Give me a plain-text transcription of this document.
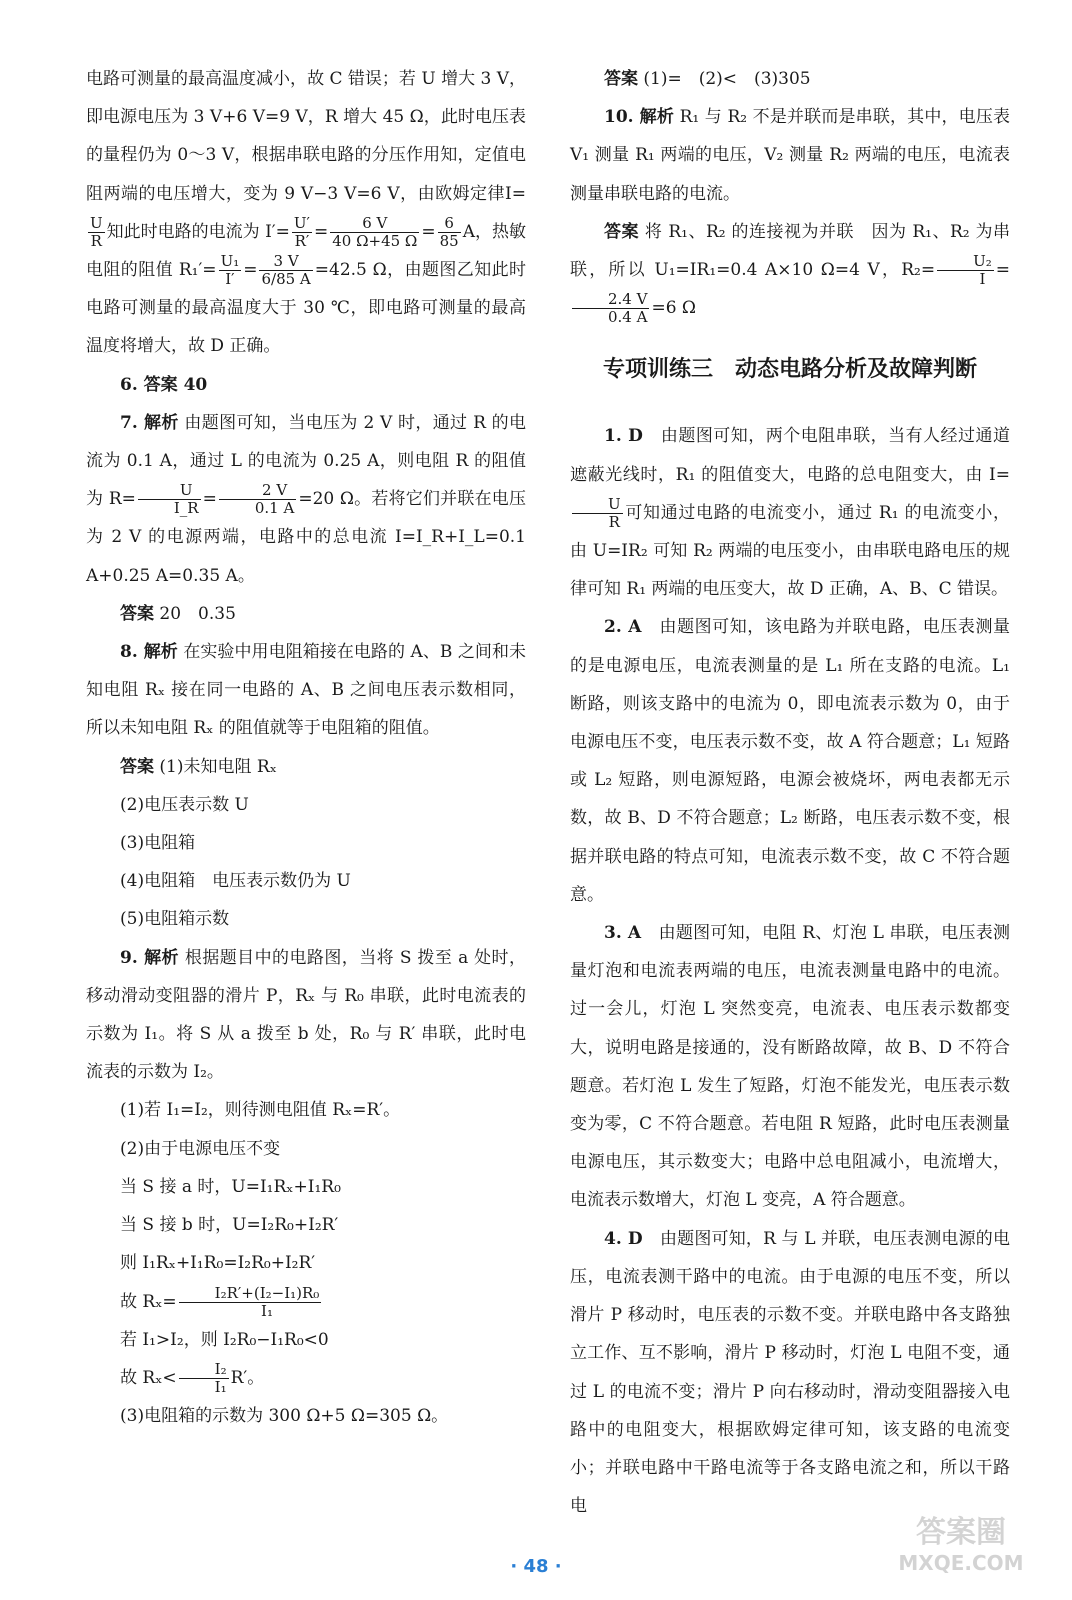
电路可测量的最高温度减小，故 C 错误；若 U 增大 3 V，即电源电压为 3 V+6 V=9 V，R 增大 45 Ω，此时电压表的量程仍为 0～3 V，根据串联电路的分压作用知，定值电阻两端的电压增大，变为 9 V−3 V=6 V，由欧姆定律I=
$\frac{U}{R}$ 知此时电路的电流为 $I'= \frac{U'}{R'} = \frac{6 V}{40 \Omega+45 \Omega} = \frac{6}{85}$ A，热敏电阻的阻值 $R_1'= \frac{\text{U₁}}{I'} = \frac{3 V}{6/85 A} =42.5$ Ω，由题图乙知此时电路可测量的最高温度大于 30 ℃，即电路可测量的最高温度将增大，故 D 正确。

6. 答案 40

7. 解析 由题图可知，当电压为 2 V 时，通过 R 的电流为 0.1 A，通过 L 的电流为 0.25 A，则电阻 R 的阻值为 $R= \frac{U}{I\_R} = \frac{2 V}{0.1 A} =20$ Ω。若将它们并联在电压为 2 V 的电源两端，电路中的总电流 I=I_R+I_L=0.1 A+0.25 A=0.35 A。

答案 20　0.35

8. 解析 在实验中用电阻箱接在电路的 A、B 之间和未知电阻 Rₓ 接在同一电路的 A、B 之间电压表示数相同，所以未知电阻 Rₓ 的阻值就等于电阻箱的阻值。

答案 (1)未知电阻 Rₓ

(2)电压表示数 U

(3)电阻箱

(4)电阻箱　电压表示数仍为 U

(5)电阻箱示数

9. 解析 根据题目中的电路图，当将 S 拨至 a 处时，移动滑动变阻器的滑片 P，Rₓ 与 R₀ 串联，此时电流表的示数为 I₁。将 S 从 a 拨至 b 处，R₀ 与 R′ 串联，此时电流表的示数为 I₂。

(1)若 I₁=I₂，则待测电阻值 Rₓ=R′。

(2)由于电源电压不变

当 S 接 a 时，U=I₁Rₓ+I₁R₀

当 S 接 b 时，U=I₂R₀+I₂R′

则 I₁Rₓ+I₁R₀=I₂R₀+I₂R′

故 $R_x= \frac{\text{I₂R′+(I₂−I₁)R₀}}{\text{I₁}}$

若 I₁>I₂，则 I₂R₀−I₁R₀<0

故 $R_x< \frac{\text{I₂}}{\text{I₁}} R'$。

(3)电阻箱的示数为 300 Ω+5 Ω=305 Ω。

答案 (1)=　(2)<　(3)305

10. 解析 R₁ 与 R₂ 不是并联而是串联，其中，电压表 V₁ 测量 R₁ 两端的电压，V₂ 测量 R₂ 两端的电压，电流表测量串联电路的电流。

答案 将 R₁、R₂ 的连接视为并联　因为 R₁、R₂ 为串联，所以 U₁=IR₁=0.4 A×10 Ω=4 V，$R_2= \frac{\text{U₂}}{I}$ =
$\frac{2.4 V}{0.4 A} =6$ Ω

专项训练三　动态电路分析及故障判断

1. D　 由题图可知，两个电阻串联，当有人经过通道遮蔽光线时，R₁ 的阻值变大，电路的总电阻变大，由 I=
$\frac{U}{R}$ 可知通过电路的电流变小，通过 R₁ 的电流变小，由 U=IR₂ 可知 R₂ 两端的电压变小，由串联电路电压的规律可知 R₁ 两端的电压变大，故 D 正确，A、B、C 错误。

2. A　 由题图可知，该电路为并联电路，电压表测量的是电源电压，电流表测量的是 L₁ 所在支路的电流。L₁ 断路，则该支路中的电流为 0，即电流表示数为 0，由于电源电压不变，电压表示数不变，故 A 符合题意；L₁ 短路或 L₂ 短路，则电源短路，电源会被烧坏，两电表都无示数，故 B、D 不符合题意；L₂ 断路，电压表示数不变，根据并联电路的特点可知，电流表示数不变，故 C 不符合题意。

3. A　 由题图可知，电阻 R、灯泡 L 串联，电压表测量灯泡和电流表两端的电压，电流表测量电路中的电流。过一会儿，灯泡 L 突然变亮，电流表、电压表示数都变大，说明电路是接通的，没有断路故障，故 B、D 不符合题意。若灯泡 L 发生了短路，灯泡不能发光，电压表示数变为零，C 不符合题意。若电阻 R 短路，此时电压表测量电源电压，其示数变大；电路中总电阻减小，电流增大，电流表示数增大，灯泡 L 变亮，A 符合题意。

4. D　 由题图可知，R 与 L 并联，电压表测电源的电压，电流表测干路中的电流。由于电源的电压不变，所以滑片 P 移动时，电压表的示数不变。并联电路中各支路独立工作、互不影响，滑片 P 移动时，灯泡 L 电阻不变，通过 L 的电流不变；滑片 P 向右移动时，滑动变阻器接入电路中的电阻变大，根据欧姆定律可知，该支路的电流变小；并联电路中干路电流等于各支路电流之和，所以干路电

· 48 ·
答案圈
MXQE.COM
